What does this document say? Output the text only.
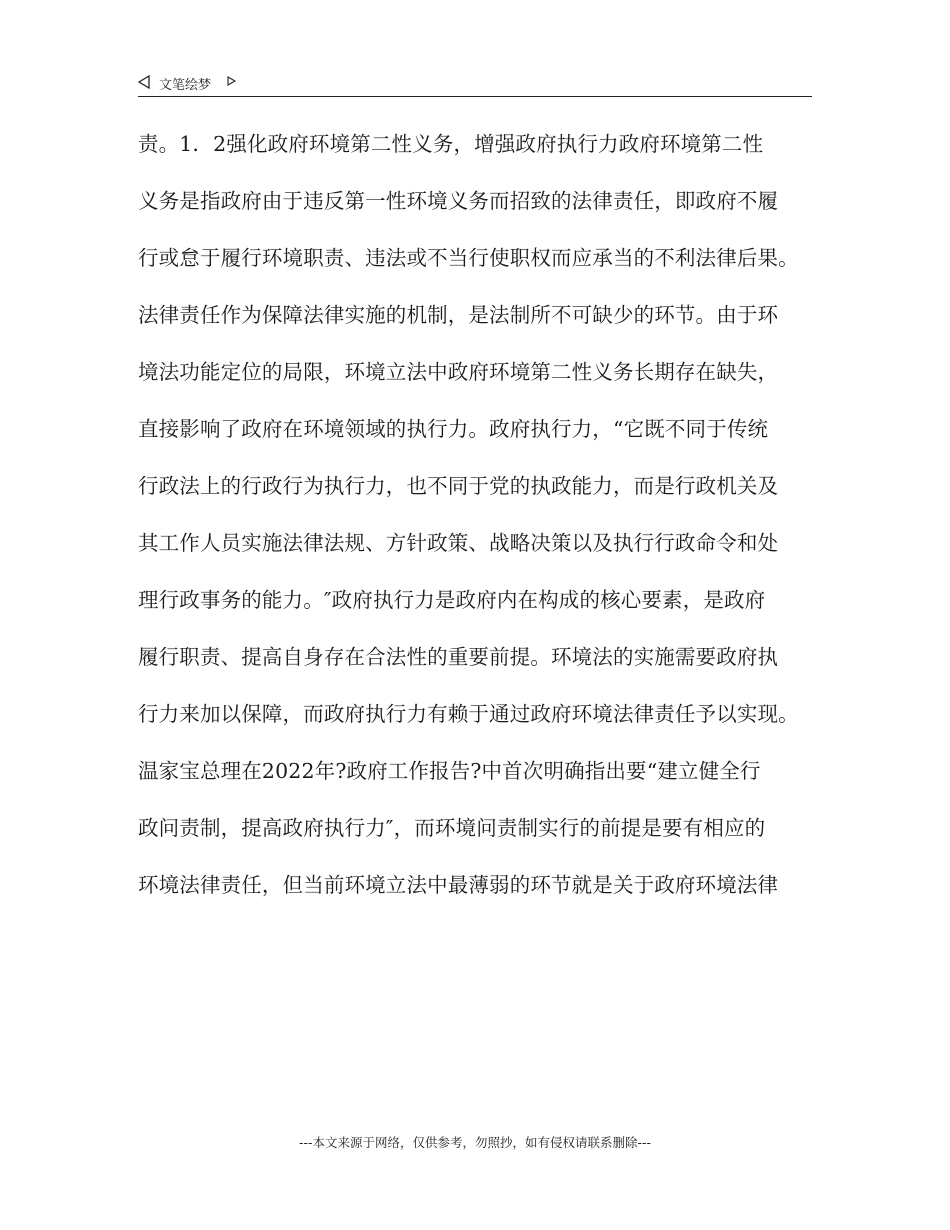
文笔绘梦
责。1．2强化政府环境第二性义务，增强政府执行力政府环境第二性
义务是指政府由于违反第一性环境义务而招致的法律责任，即政府不履
行或怠于履行环境职责、违法或不当行使职权而应承当的不利法律后果。
法律责任作为保障法律实施的机制，是法制所不可缺少的环节。由于环
境法功能定位的局限，环境立法中政府环境第二性义务长期存在缺失，
直接影响了政府在环境领域的执行力。政府执行力，“它既不同于传统
行政法上的行政行为执行力，也不同于党的执政能力，而是行政机关及
其工作人员实施法律法规、方针政策、战略决策以及执行行政命令和处
理行政事务的能力。″政府执行力是政府内在构成的核心要素，是政府
履行职责、提高自身存在合法性的重要前提。环境法的实施需要政府执
行力来加以保障，而政府执行力有赖于通过政府环境法律责任予以实现。
温家宝总理在2022年?政府工作报告?中首次明确指出要“建立健全行
政问责制，提高政府执行力″，而环境问责制实行的前提是要有相应的
环境法律责任，但当前环境立法中最薄弱的环节就是关于政府环境法律
---本文来源于网络，仅供参考，勿照抄，如有侵权请联系删除---
